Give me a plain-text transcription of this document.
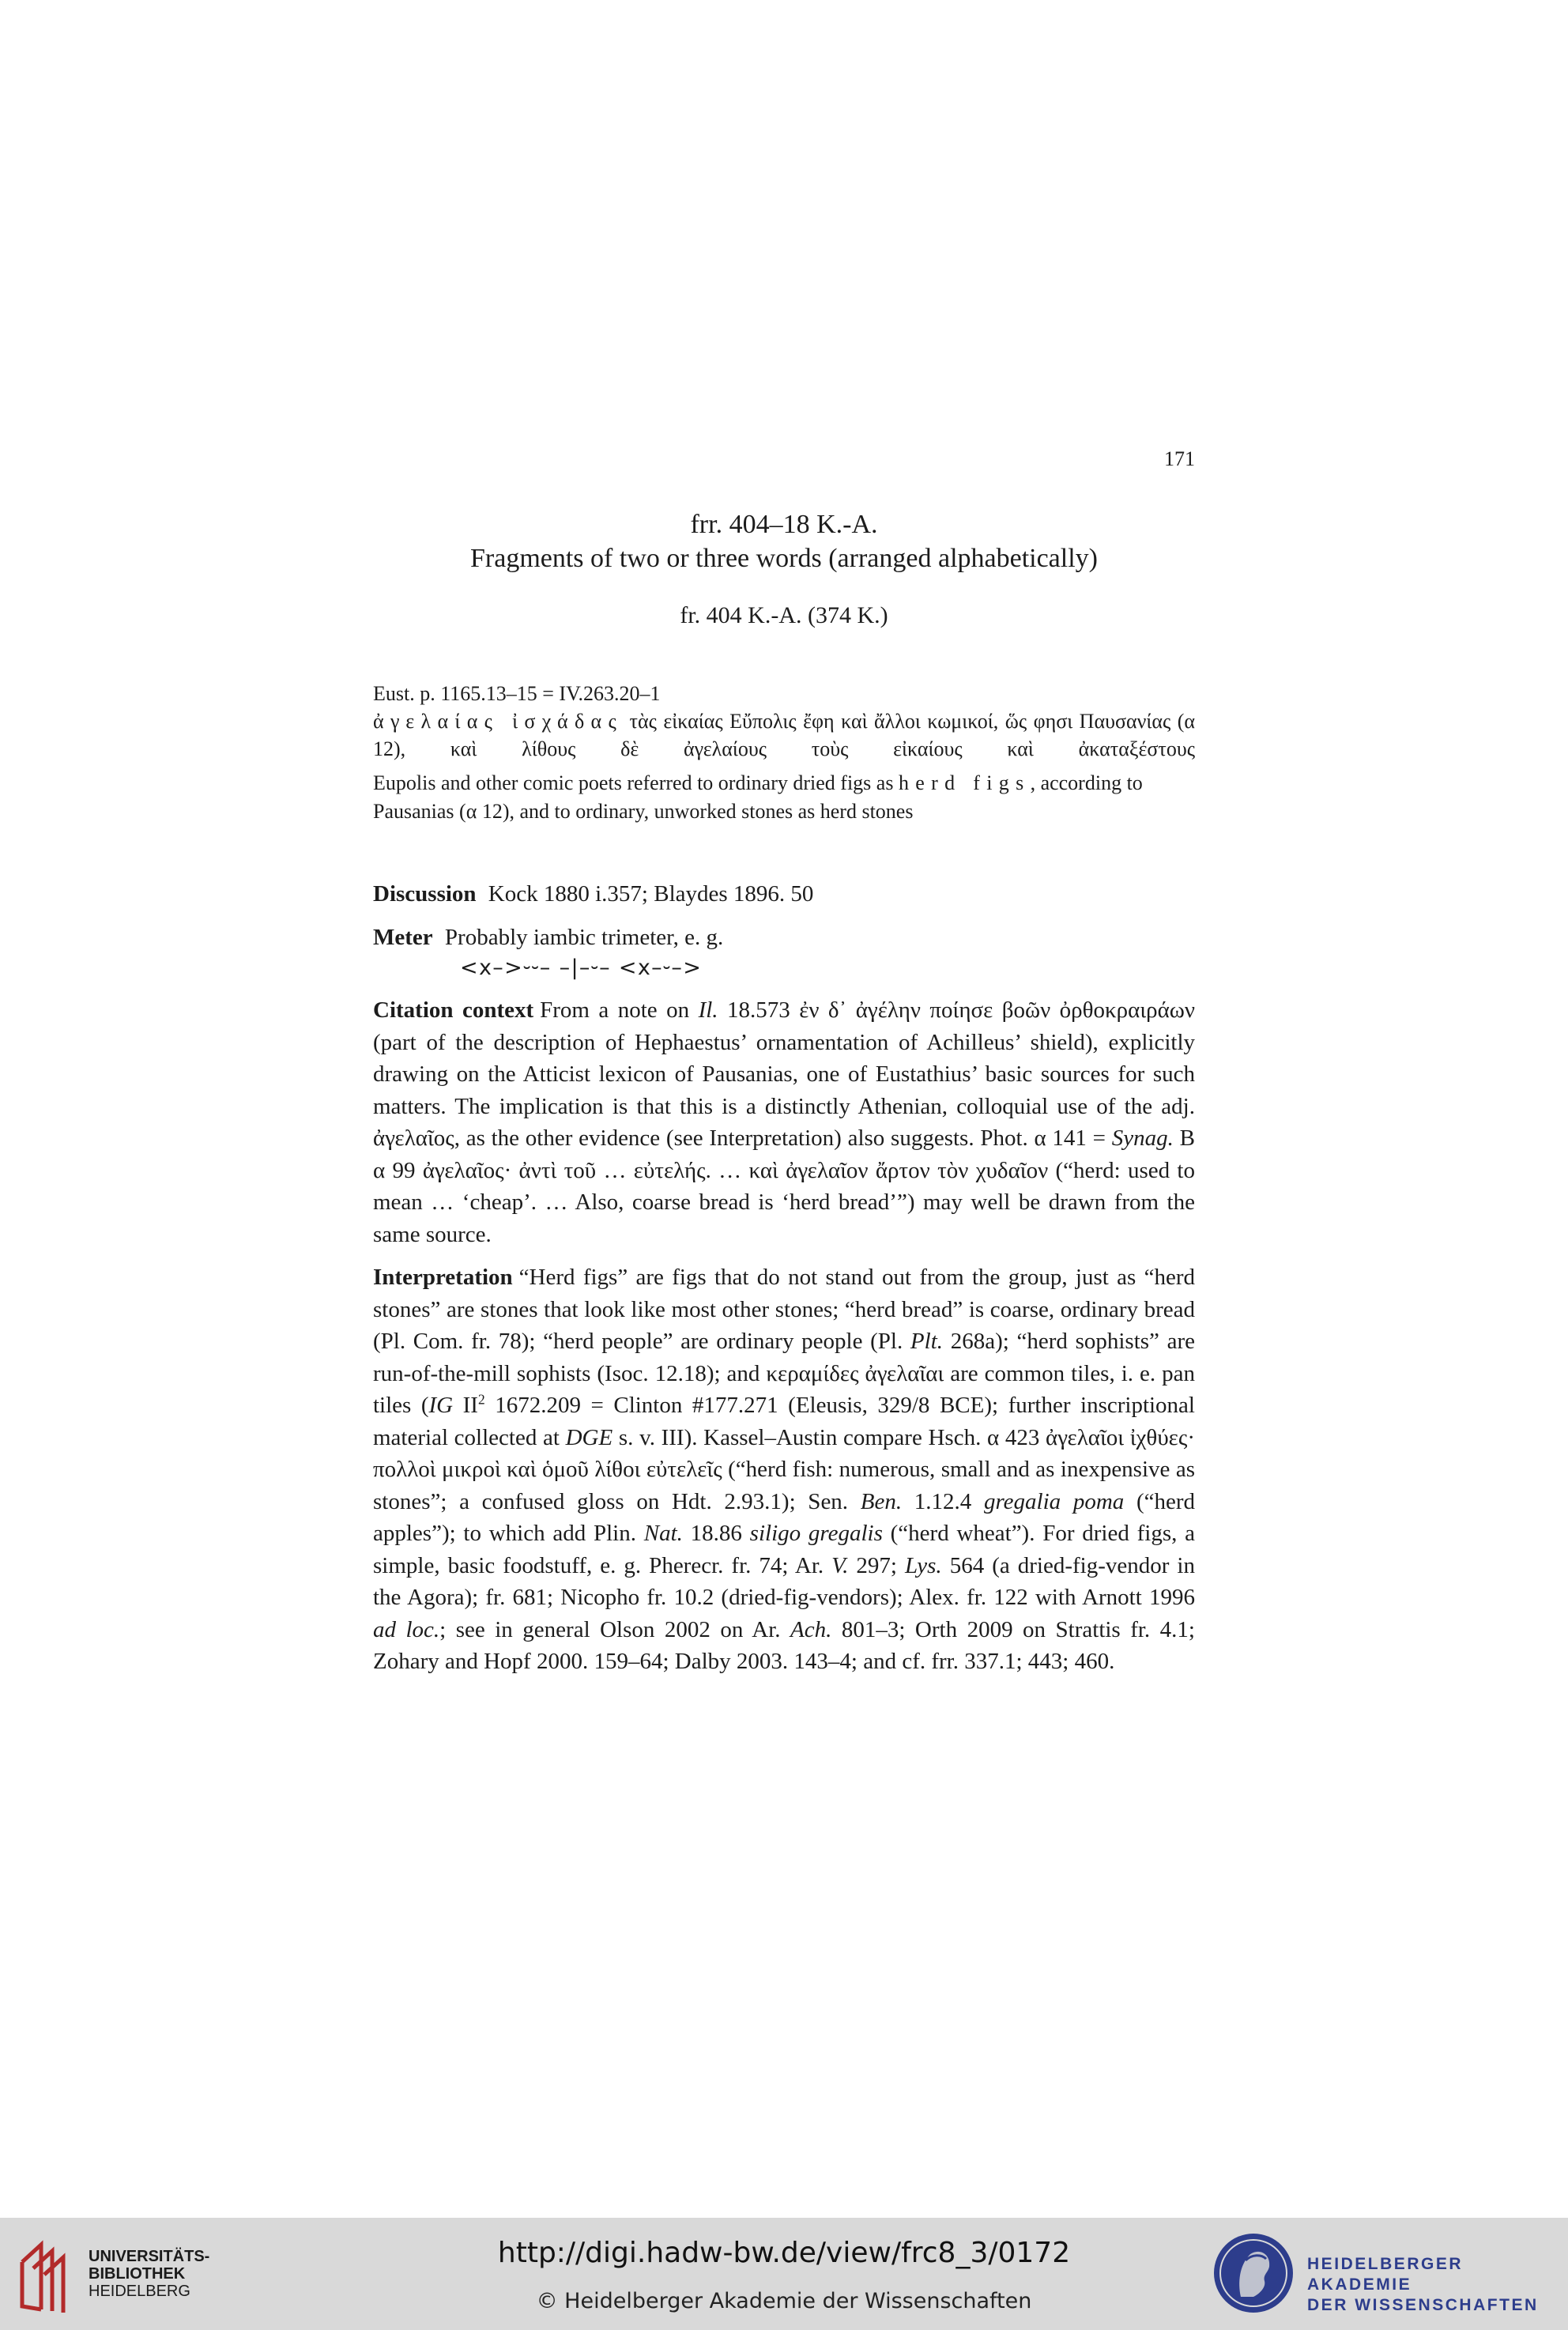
171
frr. 404–18 K.-A.
Fragments of two or three words (arranged alphabetically)
fr. 404 K.-A. (374 K.)
Eust. p. 1165.13–15 = IV.263.20–1
ἀγελαίας ἰσχάδας τὰς εἰκαίας Εὔπολις ἔφη καὶ ἄλλοι κωμικοί, ὥς φησι Παυσανίας (α 12), καὶ λίθους δὲ ἀγελαίους τοὺς εἰκαίους καὶ ἀκαταξέστους
Eupolis and other comic poets referred to ordinary dried figs as herd figs, according to Pausanias (α 12), and to ordinary, unworked stones as herd stones
Discussion Kock 1880 i.357; Blaydes 1896. 50
Meter Probably iambic trimeter, e. g.
<x–>⏑⏑– –|–⏑– <x–⏑–>
Citation context From a note on Il. 18.573 ἐν δ᾽ ἀγέλην ποίησε βοῶν ὀρθοκραιράων (part of the description of Hephaestus’ ornamentation of Achilleus’ shield), explicitly drawing on the Atticist lexicon of Pausanias, one of Eustathius’ basic sources for such matters. The implication is that this is a distinctly Athenian, colloquial use of the adj. ἀγελαῖος, as the other evidence (see Interpretation) also suggests. Phot. α 141 = Synag. B α 99 ἀγελαῖος· ἀντὶ τοῦ … εὐτελής. … καὶ ἀγελαῖον ἄρτον τὸν χυδαῖον (“herd: used to mean … ‘cheap’. … Also, coarse bread is ‘herd bread’”) may well be drawn from the same source.
Interpretation “Herd figs” are figs that do not stand out from the group, just as “herd stones” are stones that look like most other stones; “herd bread” is coarse, ordinary bread (Pl. Com. fr. 78); “herd people” are ordinary people (Pl. Plt. 268a); “herd sophists” are run-of-the-mill sophists (Isoc. 12.18); and κεραμίδες ἀγελαῖαι are common tiles, i. e. pan tiles (IG $II^2$ 1672.209 = Clinton #177.271 (Eleusis, 329/8 BCE); further inscriptional material collected at DGE s. v. III). Kassel–Austin compare Hsch. α 423 ἀγελαῖοι ἰχθύες· πολλοὶ μικροὶ καὶ ὁμοῦ λίθοι εὐτελεῖς (“herd fish: numerous, small and as inexpensive as stones”; a confused gloss on Hdt. 2.93.1); Sen. Ben. 1.12.4 gregalia poma (“herd apples”); to which add Plin. Nat. 18.86 siligo gregalis (“herd wheat”). For dried figs, a simple, basic foodstuff, e. g. Pherecr. fr. 74; Ar. V. 297; Lys. 564 (a dried-fig-vendor in the Agora); fr. 681; Nicopho fr. 10.2 (dried-fig-vendors); Alex. fr. 122 with Arnott 1996 ad loc.; see in general Olson 2002 on Ar. Ach. 801–3; Orth 2009 on Strattis fr. 4.1; Zohary and Hopf 2000. 159–64; Dalby 2003. 143–4; and cf. frr. 337.1; 443; 460.
UNIVERSITÄTS-
BIBLIOTHEK
HEIDELBERG
http://digi.hadw-bw.de/view/frc8_3/0172
© Heidelberger Akademie der Wissenschaften
HEIDELBERGER AKADEMIE
DER WISSENSCHAFTEN
